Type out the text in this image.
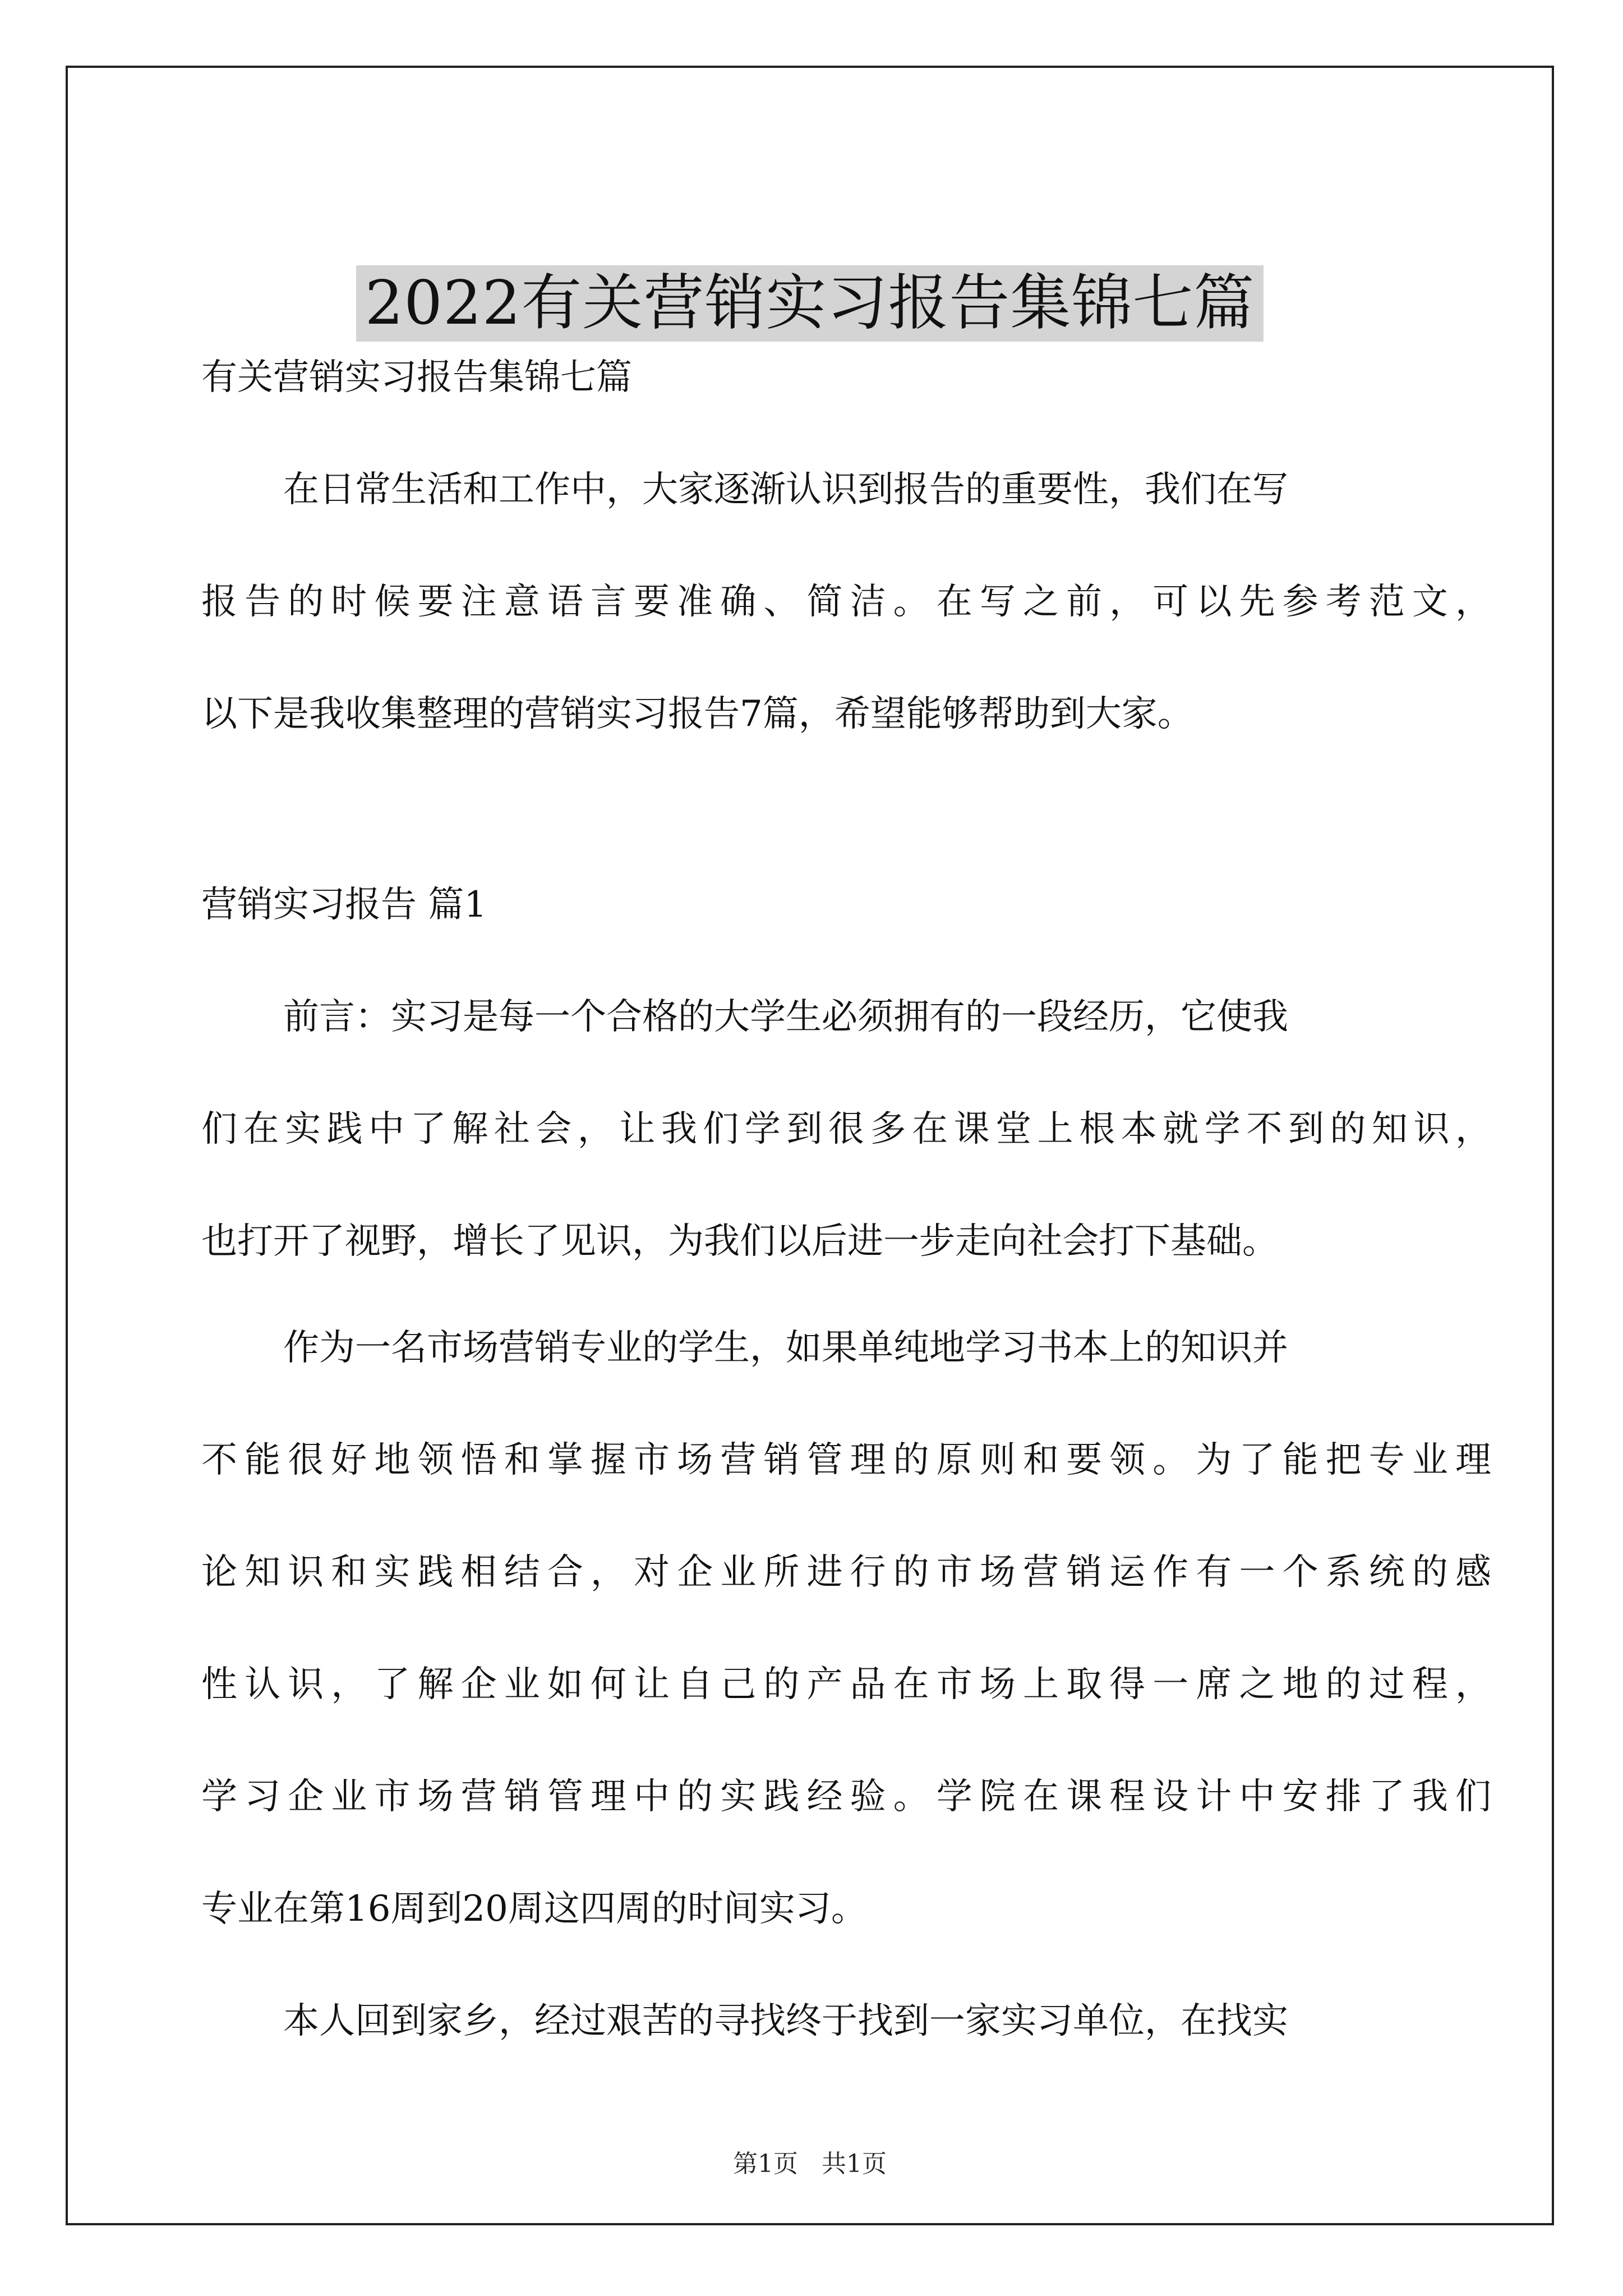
2022有关营销实习报告集锦七篇
有关营销实习报告集锦七篇
在日常生活和工作中，大家逐渐认识到报告的重要性，我们在写
报告的时候要注意语言要准确、简洁。在写之前，可以先参考范文，
以下是我收集整理的营销实习报告7篇，希望能够帮助到大家。
营销实习报告 篇1
前言：实习是每一个合格的大学生必须拥有的一段经历，它使我
们在实践中了解社会，让我们学到很多在课堂上根本就学不到的知识，
也打开了视野，增长了见识，为我们以后进一步走向社会打下基础。
作为一名市场营销专业的学生，如果单纯地学习书本上的知识并
不能很好地领悟和掌握市场营销管理的原则和要领。为了能把专业理
论知识和实践相结合，对企业所进行的市场营销运作有一个系统的感
性认识，了解企业如何让自己的产品在市场上取得一席之地的过程，
学习企业市场营销管理中的实践经验。学院在课程设计中安排了我们
专业在第16周到20周这四周的时间实习。
本人回到家乡，经过艰苦的寻找终于找到一家实习单位，在找实
第1页 共1页
